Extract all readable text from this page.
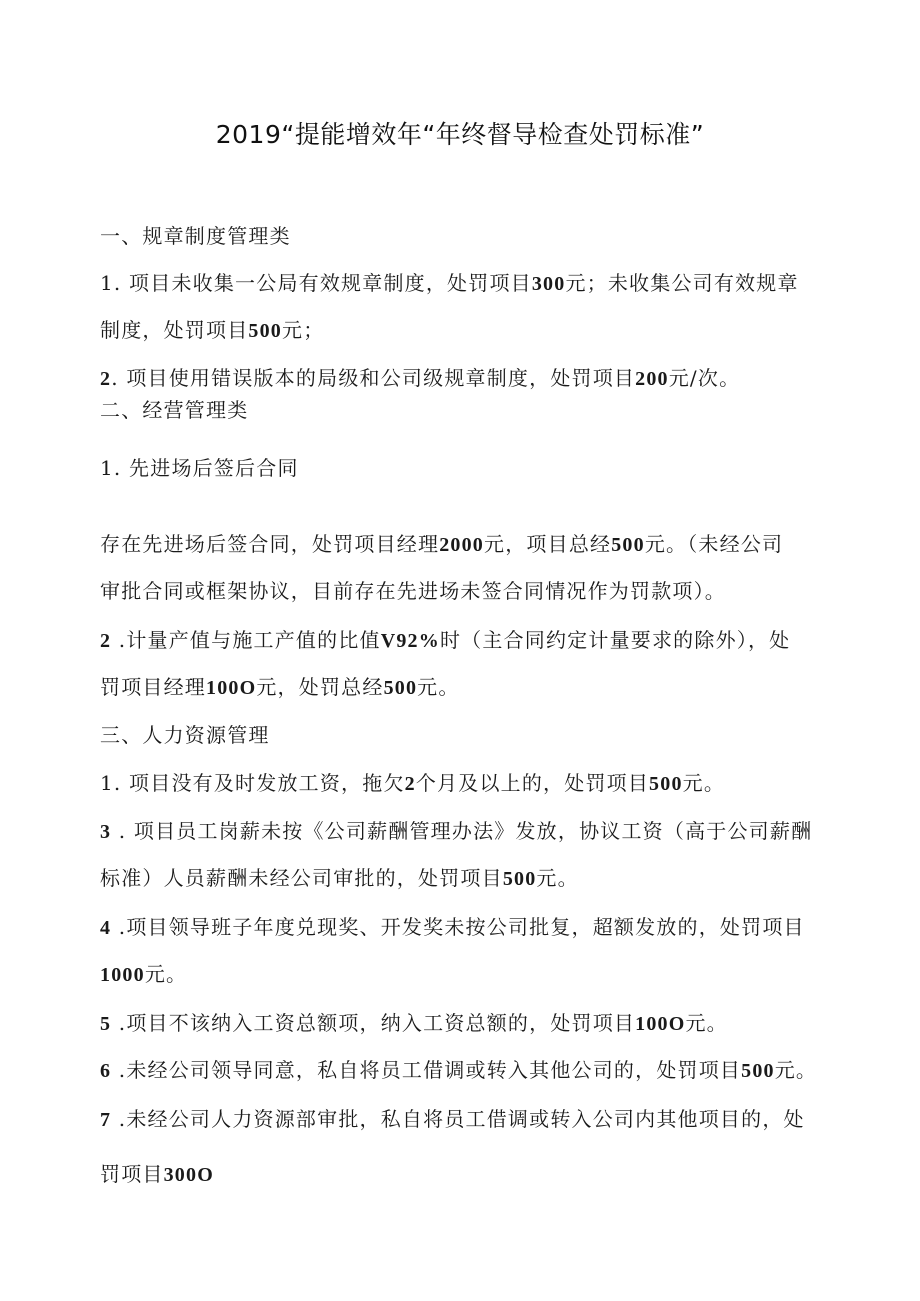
2019“提能增效年“年终督导检查处罚标准”
一、规章制度管理类
1. 项目未收集一公局有效规章制度，处罚项目300元；未收集公司有效规章
制度，处罚项目500元；
2. 项目使用错误版本的局级和公司级规章制度，处罚项目200元/次。
二、经营管理类
1. 先进场后签后合同
存在先进场后签合同，处罚项目经理2000元，项目总经500元。（未经公司
审批合同或框架协议，目前存在先进场未签合同情况作为罚款项）。
2 .计量产值与施工产值的比值V92%时（主合同约定计量要求的除外），处
罚项目经理100O元，处罚总经500元。
三、人力资源管理
1. 项目没有及时发放工资，拖欠2个月及以上的，处罚项目500元。
3 . 项目员工岗薪未按《公司薪酬管理办法》发放，协议工资（高于公司薪酬
标准）人员薪酬未经公司审批的，处罚项目500元。
4 .项目领导班子年度兑现奖、开发奖未按公司批复，超额发放的，处罚项目
1000元。
5 .项目不该纳入工资总额项，纳入工资总额的，处罚项目100O元。
6 .未经公司领导同意，私自将员工借调或转入其他公司的，处罚项目500元。
7 .未经公司人力资源部审批，私自将员工借调或转入公司内其他项目的，处
罚项目300O
